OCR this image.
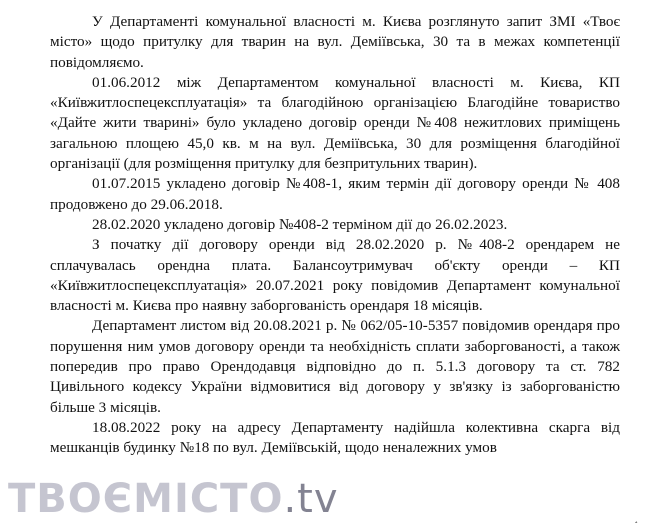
У Департаменті комунальної власності м. Києва розглянуто запит ЗМІ «Твоє місто» щодо притулку для тварин на вул. Деміївська, 30 та в межах компетенції повідомляємо.

01.06.2012 між Департаментом комунальної власності м. Києва, КП «Київжитлоспецексплуатація» та благодійною організацією Благодійне товариство «Дайте жити тварині» було укладено договір оренди №408 нежитлових приміщень загальною площею 45,0 кв. м на вул. Деміївська, 30 для розміщення благодійної організації (для розміщення притулку для безпритульних тварин).

01.07.2015 укладено договір №408-1, яким термін дії договору оренди № 408 продовжено до 29.06.2018.

28.02.2020 укладено договір №408-2 терміном дії до 26.02.2023.

З початку дії договору оренди від 28.02.2020 р. №408-2 орендарем не сплачувалась орендна плата. Балансоутримувач об'єкту оренди – КП «Київжитлоспецексплуатація» 20.07.2021 року повідомив Департамент комунальної власності м. Києва про наявну заборгованість орендаря 18 місяців.

Департамент листом від 20.08.2021 р. № 062/05-10-5357 повідомив орендаря про порушення ним умов договору оренди та необхідність сплати заборгованості, а також попередив про право Орендодавця відповідно до п. 5.1.3 договору та ст. 782 Цивільного кодексу України відмовитися від договору у зв'язку із заборгованістю більше 3 місяців.

18.08.2022 року на адресу Департаменту надійшла колективна скарга від мешканців будинку №18 по вул. Деміївській, щодо неналежних умов

ТВОЄМІСТО.tv	˰
